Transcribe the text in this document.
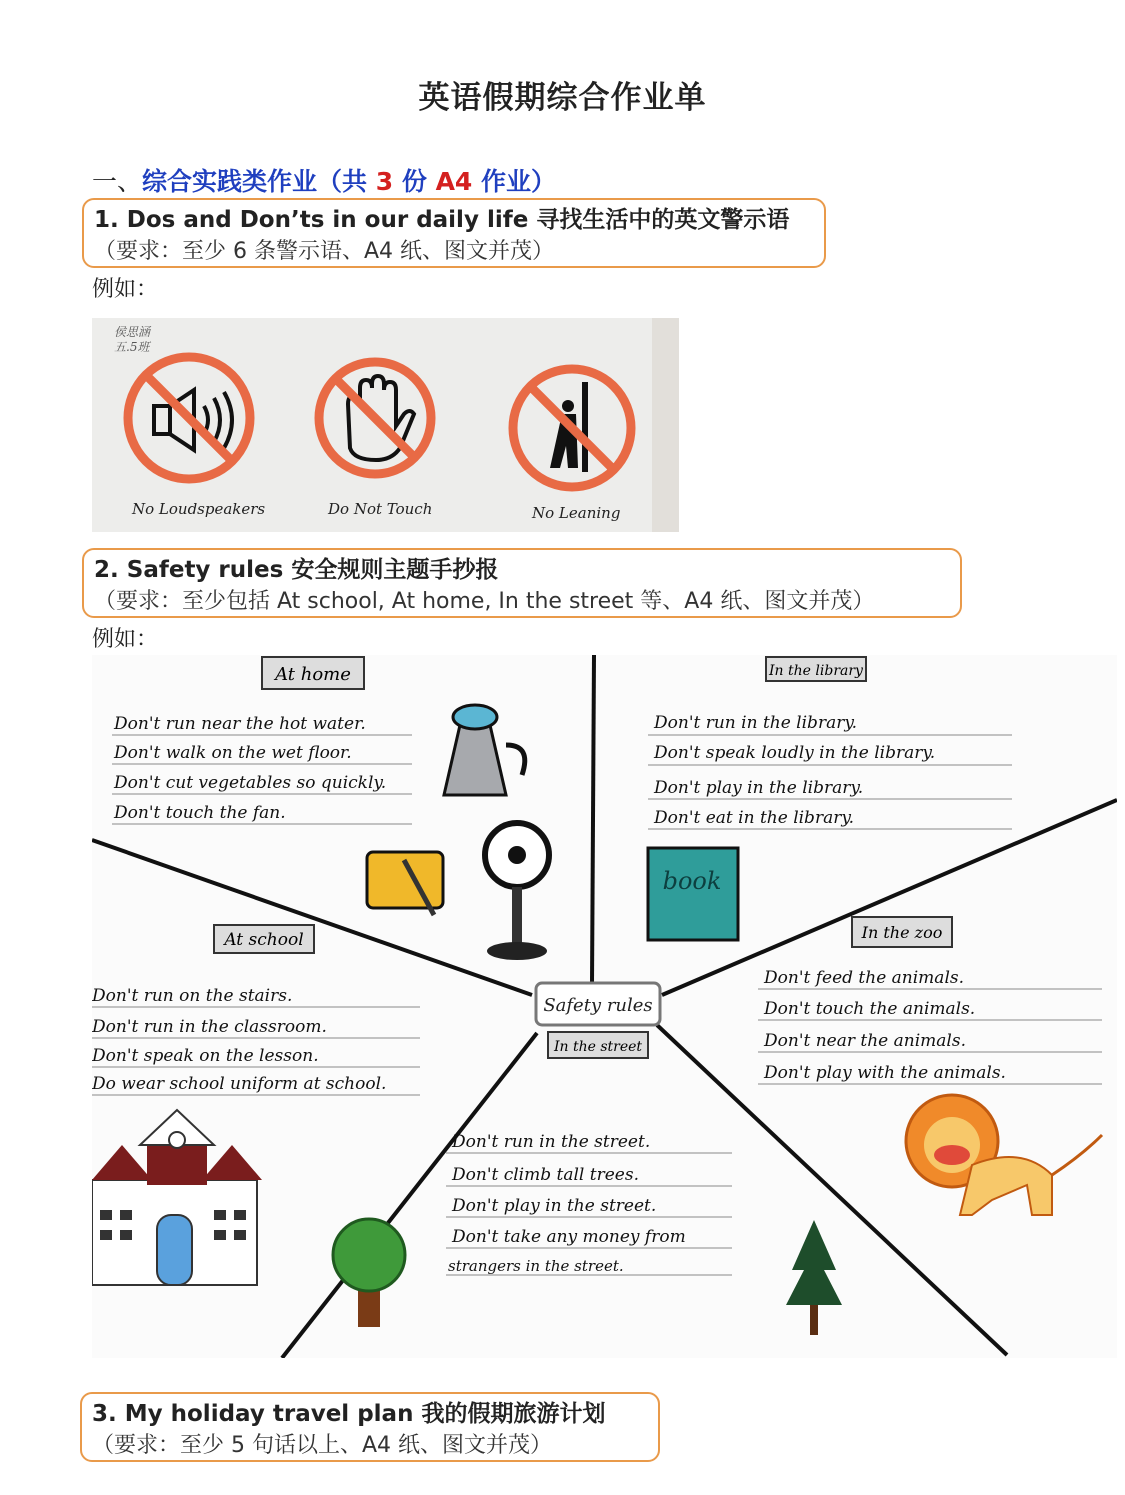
英语假期综合作业单
一、综合实践类作业（共 3 份 A4 作业）
1. Dos and Don’ts in our daily life 寻找生活中的英文警示语
（要求：至少 6 条警示语、A4 纸、图文并茂）
例如：
侯思涵
五.5班
No Loudspeakers	Do Not Touch	No Leaning
2. Safety rules 安全规则主题手抄报
（要求：至少包括 At school, At home, In the street 等、A4 纸、图文并茂）
例如：
Safety rules
At home
Don't run near the hot water.
Don't walk on the wet floor.
Don't cut vegetables so quickly.
Don't touch the fan.
In the library
Don't run in the library.
Don't speak loudly in the library.
Don't play in the library.
Don't eat in the library.
book
At school
Don't run on the stairs.
Don't run in the classroom.
Don't speak on the lesson.
Do wear school uniform at school.
In the zoo
Don't feed the animals.
Don't touch the animals.
Don't near the animals.
Don't play with the animals.
In the street
Don't run in the street.
Don't climb tall trees.
Don't play in the street.
Don't take any money from
strangers in the street.
3. My holiday travel plan 我的假期旅游计划
（要求：至少 5 句话以上、A4 纸、图文并茂）
